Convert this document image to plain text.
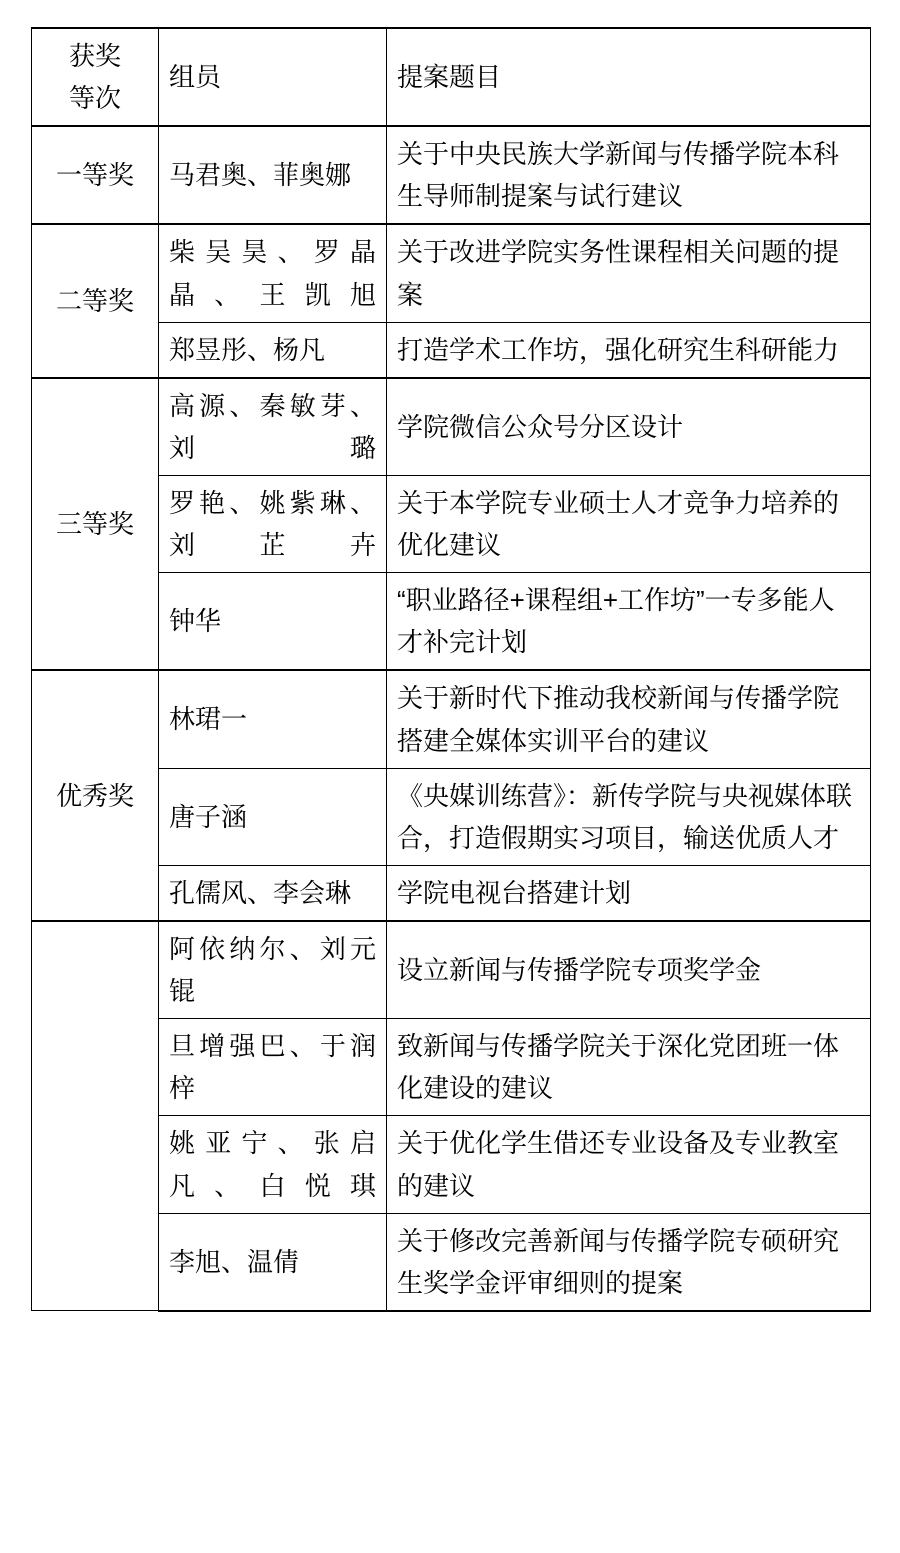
获奖
等次	组员	提案题目
一等奖	马君奥、菲奥娜	关于中央民族大学新闻与传播学院本科生导师制提案与试行建议
二等奖	柴吴昊、罗晶晶、王凯旭	关于改进学院实务性课程相关问题的提案
	郑昱彤、杨凡	打造学术工作坊，强化研究生科研能力
三等奖	高源、秦敏芽、刘璐	学院微信公众号分区设计
	罗艳、姚紫琳、刘芷卉	关于本学院专业硕士人才竞争力培养的优化建议
	钟华	“职业路径+课程组+工作坊”一专多能人才补完计划
优秀奖	林珺一	关于新时代下推动我校新闻与传播学院搭建全媒体实训平台的建议
	唐子涵	《央媒训练营》：新传学院与央视媒体联合，打造假期实习项目，输送优质人才
	孔儒风、李会琳	学院电视台搭建计划
	阿依纳尔、刘元锟	设立新闻与传播学院专项奖学金
	旦增强巴、于润梓	致新闻与传播学院关于深化党团班一体化建设的建议
	姚亚宁、张启凡、白悦琪	关于优化学生借还专业设备及专业教室的建议
	李旭、温倩	关于修改完善新闻与传播学院专硕研究生奖学金评审细则的提案
